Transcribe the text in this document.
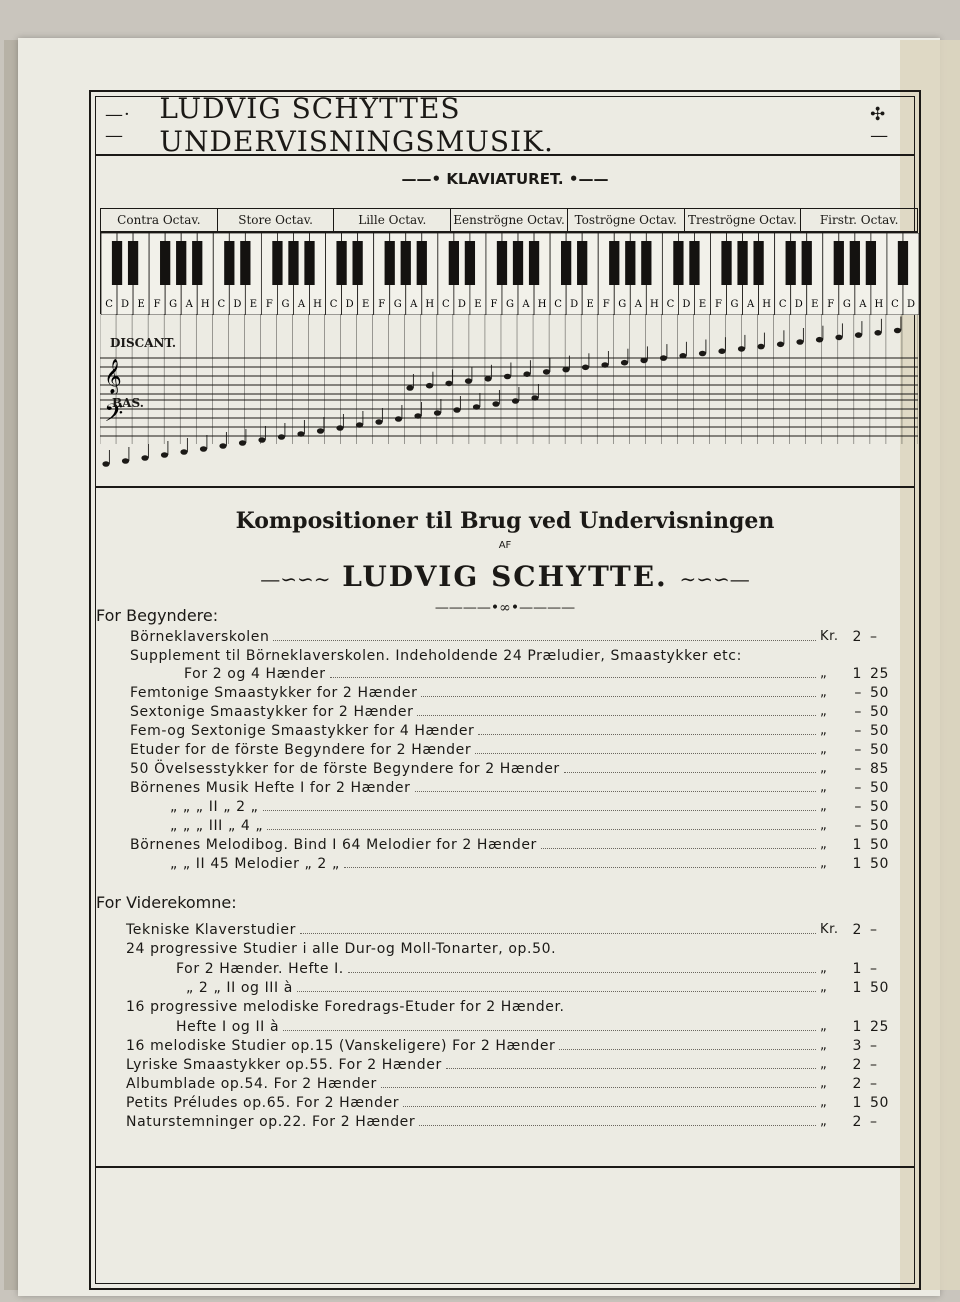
—·—
LUDVIG SCHYTTES UNDERVISNINGSMUSIK.
✣—
——• KLAVIATURET. •——
Contra Octav.	Store Octav.	Lille Octav.	Eenströgne Octav. Toströgne Octav. Treströgne Octav.	Firstr. Octav.
C D E F G A H C D E F G A H C D E F G A H C D E F G A H C D E F G A H C D E F G A H C D E F G A H C D
𝄞
𝄢
DISCANT.
BAS.
Kompositioner til Brug ved Undervisningen
AF
—∽∽∼ LUDVIG SCHYTTE. ∼∽∽—
————•∞•————
For Begyndere:
Börneklaverskolen	Kr. 2 –
Supplement til Börneklaverskolen. Indeholdende 24 Præludier, Smaastykker etc:
For 2 og 4 Hænder	„	1 25
Femtonige Smaastykker for 2 Hænder	„	– 50
Sextonige Smaastykker for 2 Hænder	„	– 50
Fem-og Sextonige Smaastykker for 4 Hænder	„	– 50
Etuder for de förste Begyndere for 2 Hænder	„	– 50
50 Övelsesstykker for de förste Begyndere for 2 Hænder	„	– 85
Börnenes Musik Hefte I for 2 Hænder	„	– 50
„ „ „ II „ 2 „	„	– 50
„ „ „ III „ 4 „	„	– 50
Börnenes Melodibog. Bind I 64 Melodier for 2 Hænder	„	1 50
„ „ II 45 Melodier „ 2 „	„	1 50
For Viderekomne:
Tekniske Klaverstudier	Kr. 2 –
24 progressive Studier i alle Dur-og Moll-Tonarter, op.50.
For 2 Hænder. Hefte I.	„	1 –
„ 2 „ II og III à	„	1 50
16 progressive melodiske Foredrags-Etuder for 2 Hænder.
Hefte I og II à	„	1 25
16 melodiske Studier op.15 (Vanskeligere) For 2 Hænder	„	3 –
Lyriske Smaastykker op.55. For 2 Hænder	„	2 –
Albumblade op.54. For 2 Hænder	„	2 –
Petits Préludes op.65. For 2 Hænder	„	1 50
Naturstemninger op.22. For 2 Hænder	„	2 –
